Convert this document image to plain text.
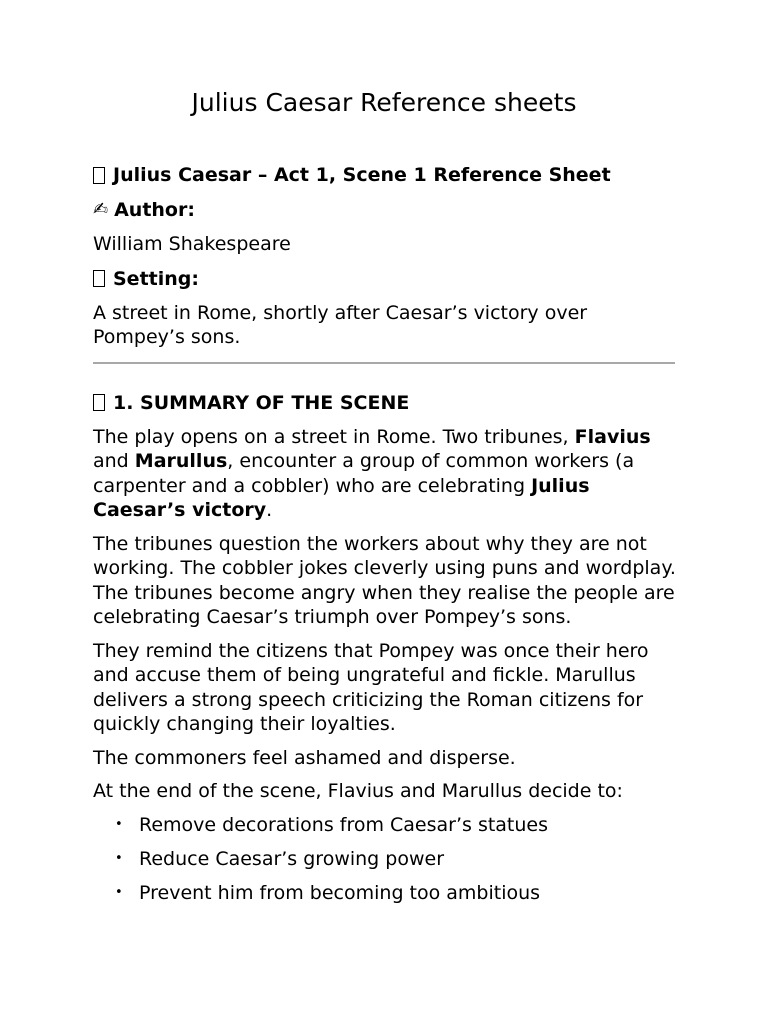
Julius Caesar Reference sheets
Julius Caesar – Act 1, Scene 1 Reference Sheet
✍ Author:

William Shakespeare

Setting:

A street in Rome, shortly after Caesar’s victory over Pompey’s sons.

1. SUMMARY OF THE SCENE

The play opens on a street in Rome. Two tribunes, Flavius and Marullus, encounter a group of common workers (a carpenter and a cobbler) who are celebrating Julius Caesar’s victory.

The tribunes question the workers about why they are not working. The cobbler jokes cleverly using puns and wordplay. The tribunes become angry when they realise the people are celebrating Caesar’s triumph over Pompey’s sons.

They remind the citizens that Pompey was once their hero and accuse them of being ungrateful and fickle. Marullus delivers a strong speech criticizing the Roman citizens for quickly changing their loyalties.

The commoners feel ashamed and disperse.

At the end of the scene, Flavius and Marullus decide to:

• Remove decorations from Caesar’s statues
• Reduce Caesar’s growing power
• Prevent him from becoming too ambitious
